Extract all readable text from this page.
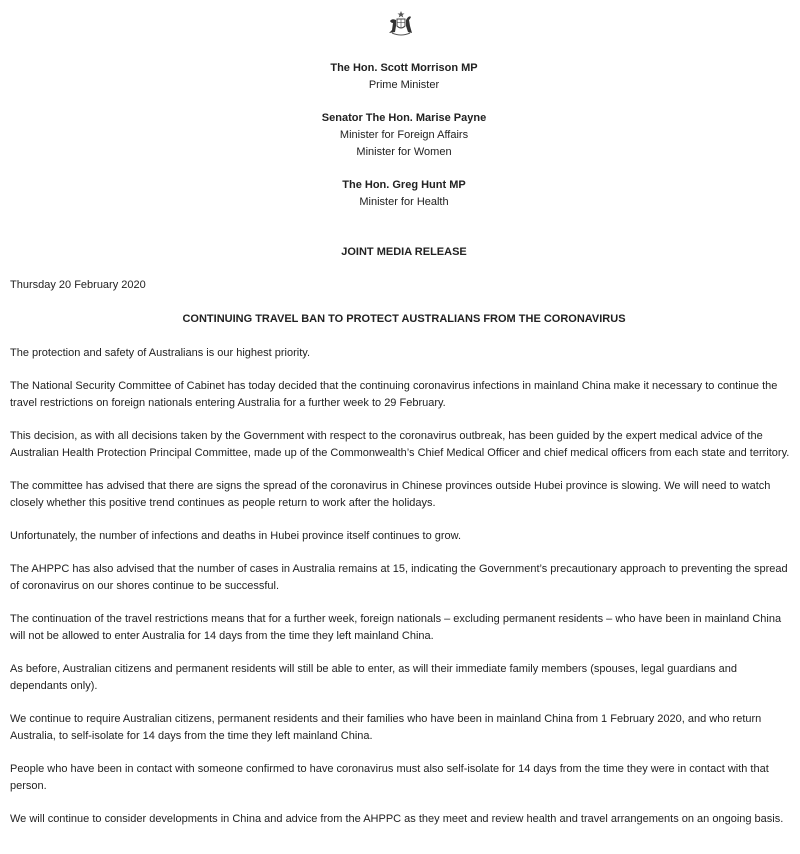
The Hon. Scott Morrison MP
Prime Minister
Senator The Hon. Marise Payne
Minister for Foreign Affairs
Minister for Women
The Hon. Greg Hunt MP
Minister for Health
JOINT MEDIA RELEASE
Thursday 20 February 2020
CONTINUING TRAVEL BAN TO PROTECT AUSTRALIANS FROM THE CORONAVIRUS

The protection and safety of Australians is our highest priority.

The National Security Committee of Cabinet has today decided that the continuing coronavirus infections in mainland China make it necessary to continue the travel restrictions on foreign nationals entering Australia for a further week to 29 February.

This decision, as with all decisions taken by the Government with respect to the coronavirus outbreak, has been guided by the expert medical advice of the Australian Health Protection Principal Committee, made up of the Commonwealth’s Chief Medical Officer and chief medical officers from each state and territory.

The committee has advised that there are signs the spread of the coronavirus in Chinese provinces outside Hubei province is slowing. We will need to watch closely whether this positive trend continues as people return to work after the holidays.

Unfortunately, the number of infections and deaths in Hubei province itself continues to grow.

The AHPPC has also advised that the number of cases in Australia remains at 15, indicating the Government’s precautionary approach to preventing the spread of coronavirus on our shores continue to be successful.

The continuation of the travel restrictions means that for a further week, foreign nationals – excluding permanent residents – who have been in mainland China will not be allowed to enter Australia for 14 days from the time they left mainland China.

As before, Australian citizens and permanent residents will still be able to enter, as will their immediate family members (spouses, legal guardians and dependants only).

We continue to require Australian citizens, permanent residents and their families who have been in mainland China from 1 February 2020, and who return Australia, to self-isolate for 14 days from the time they left mainland China.

People who have been in contact with someone confirmed to have coronavirus must also self-isolate for 14 days from the time they were in contact with that person.

We will continue to consider developments in China and advice from the AHPPC as they meet and review health and travel arrangements on an ongoing basis.
